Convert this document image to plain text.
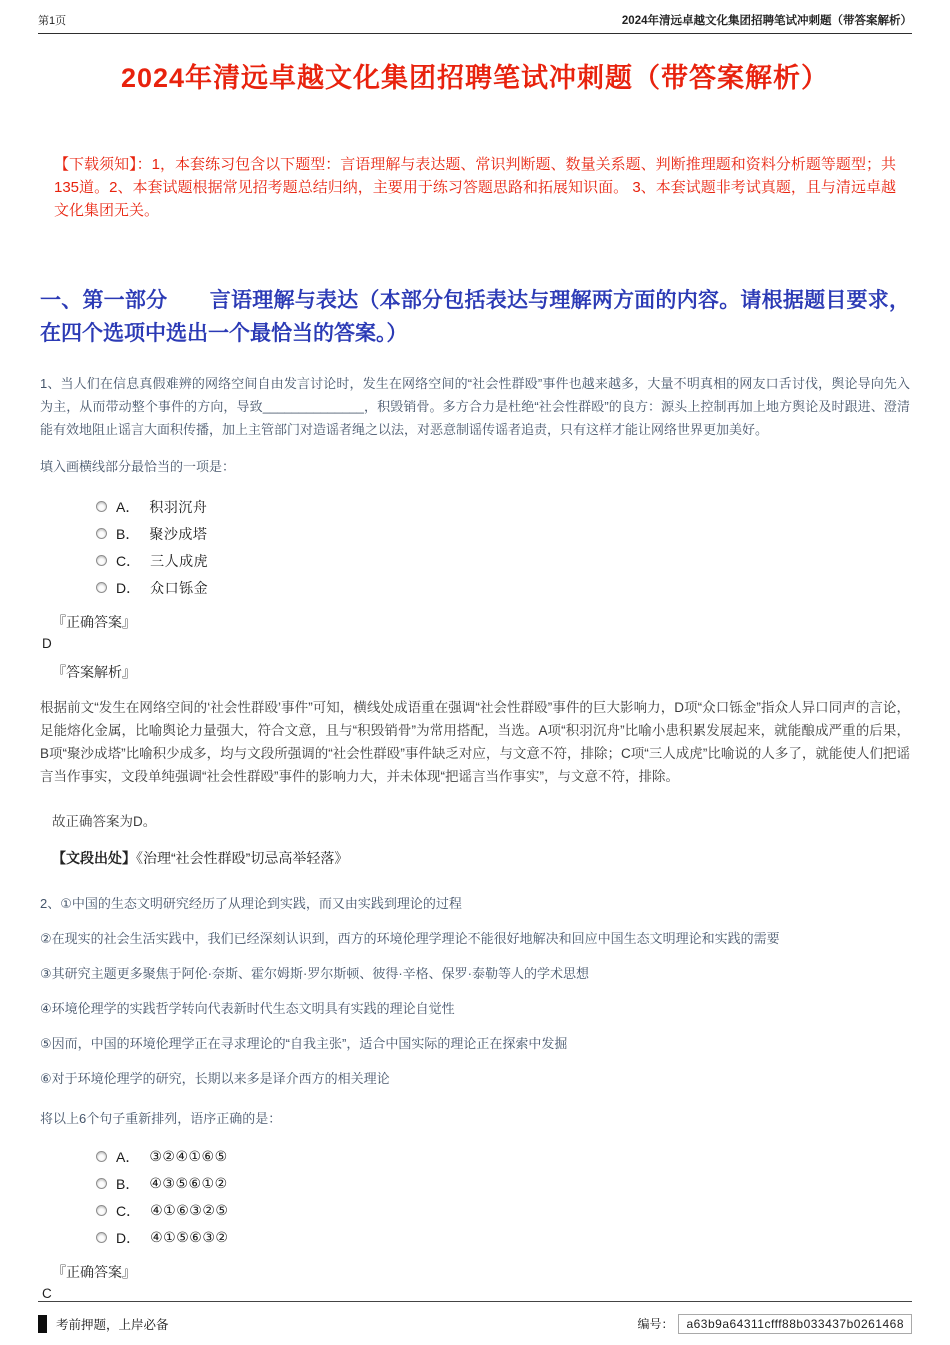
第1页	2024年清远卓越文化集团招聘笔试冲刺题（带答案解析）
2024年清远卓越文化集团招聘笔试冲刺题（带答案解析）

【下载须知】：1，本套练习包含以下题型：言语理解与表达题、常识判断题、数量关系题、判断推理题和资料分析题等题型；共135道。2、本套试题根据常见招考题总结归纳，主要用于练习答题思路和拓展知识面。 3、本套试题非考试真题，且与清远卓越文化集团无关。

一、第一部分　　言语理解与表达（本部分包括表达与理解两方面的内容。请根据题目要求，在四个选项中选出一个最恰当的答案。）

1、当人们在信息真假难辨的网络空间自由发言讨论时，发生在网络空间的“社会性群殴”事件也越来越多，大量不明真相的网友口舌讨伐，舆论导向先入为主，从而带动整个事件的方向，导致______________，积毁销骨。多方合力是杜绝“社会性群殴”的良方：源头上控制再加上地方舆论及时跟进、澄清能有效地阻止谣言大面积传播，加上主管部门对造谣者绳之以法，对恶意制谣传谣者追责，只有这样才能让网络世界更加美好。

填入画横线部分最恰当的一项是：

A． 积羽沉舟
B． 聚沙成塔
C． 三人成虎
D． 众口铄金

『正确答案』

D

『答案解析』

根据前文“发生在网络空间的‘社会性群殴’事件”可知，横线处成语重在强调“社会性群殴”事件的巨大影响力，D项“众口铄金”指众人异口同声的言论，足能熔化金属，比喻舆论力量强大，符合文意，且与“积毁销骨”为常用搭配，当选。A项“积羽沉舟”比喻小患积累发展起来，就能酿成严重的后果，B项“聚沙成塔”比喻积少成多，均与文段所强调的“社会性群殴”事件缺乏对应，与文意不符，排除；C项“三人成虎”比喻说的人多了，就能使人们把谣言当作事实，文段单纯强调“社会性群殴”事件的影响力大，并未体现“把谣言当作事实”，与文意不符，排除。

故正确答案为D。

【文段出处】《治理“社会性群殴”切忌高举轻落》

2、①中国的生态文明研究经历了从理论到实践，而又由实践到理论的过程

②在现实的社会生活实践中，我们已经深刻认识到，西方的环境伦理学理论不能很好地解决和回应中国生态文明理论和实践的需要

③其研究主题更多聚焦于阿伦·奈斯、霍尔姆斯·罗尔斯顿、彼得·辛格、保罗·泰勒等人的学术思想

④环境伦理学的实践哲学转向代表新时代生态文明具有实践的理论自觉性

⑤因而，中国的环境伦理学正在寻求理论的“自我主张”，适合中国实际的理论正在探索中发掘

⑥对于环境伦理学的研究，长期以来多是译介西方的相关理论

将以上6个句子重新排列，语序正确的是：

A． ③②④①⑥⑤
B． ④③⑤⑥①②
C． ④①⑥③②⑤
D． ④①⑤⑥③②

『正确答案』

C

考前押题，上岸必备	编号：	a63b9a64311cfff88b033437b0261468
